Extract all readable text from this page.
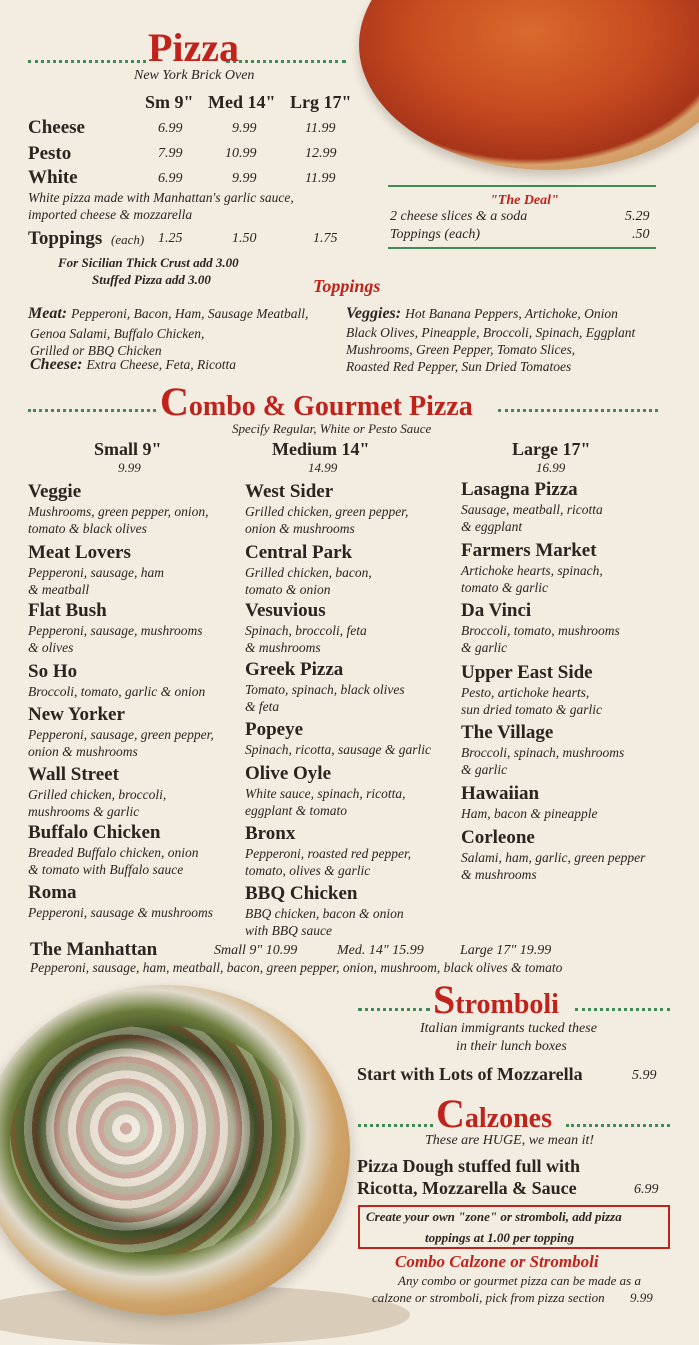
Pizza
New York Brick Oven
Sm 9" Med 14" Lrg 17"
Cheese	6.99	9.99	11.99
Pesto	7.99	10.99	12.99
White	6.99	9.99	11.99
White pizza made with Manhattan's garlic sauce,
imported cheese & mozzarella
Toppings (each) 1.25	1.50	1.75
For Sicilian Thick Crust add 3.00
Stuffed Pizza add 3.00
"The Deal"
2 cheese slices & a soda	5.29
Toppings (each)	.50
Toppings
Meat: Pepperoni, Bacon, Ham, Sausage Meatball,
Genoa Salami, Buffalo Chicken,
Grilled or BBQ Chicken
Cheese: Extra Cheese, Feta, Ricotta
Veggies: Hot Banana Peppers, Artichoke, Onion
Black Olives, Pineapple, Broccoli, Spinach, Eggplant
Mushrooms, Green Pepper, Tomato Slices,
Roasted Red Pepper, Sun Dried Tomatoes
Combo & Gourmet Pizza
Specify Regular, White or Pesto Sauce
Small 9"
9.99
Medium 14"
14.99
Large 17"
16.99
Veggie
Mushrooms, green pepper, onion,
tomato & black olives
Meat Lovers
Pepperoni, sausage, ham
& meatball
Flat Bush
Pepperoni, sausage, mushrooms
& olives
So Ho
Broccoli, tomato, garlic & onion
New Yorker
Pepperoni, sausage, green pepper,
onion & mushrooms
Wall Street
Grilled chicken, broccoli,
mushrooms & garlic
Buffalo Chicken
Breaded Buffalo chicken, onion
& tomato with Buffalo sauce
Roma
Pepperoni, sausage & mushrooms
West Sider
Grilled chicken, green pepper,
onion & mushrooms
Central Park
Grilled chicken, bacon,
tomato & onion
Vesuvious
Spinach, broccoli, feta
& mushrooms
Greek Pizza
Tomato, spinach, black olives
& feta
Popeye
Spinach, ricotta, sausage & garlic
Olive Oyle
White sauce, spinach, ricotta,
eggplant & tomato
Bronx
Pepperoni, roasted red pepper,
tomato, olives & garlic
BBQ Chicken
BBQ chicken, bacon & onion
with BBQ sauce
Lasagna Pizza
Sausage, meatball, ricotta
& eggplant
Farmers Market
Artichoke hearts, spinach,
tomato & garlic
Da Vinci
Broccoli, tomato, mushrooms
& garlic
Upper East Side
Pesto, artichoke hearts,
sun dried tomato & garlic
The Village
Broccoli, spinach, mushrooms
& garlic
Hawaiian
Ham, bacon & pineapple
Corleone
Salami, ham, garlic, green pepper
& mushrooms
The Manhattan	Small 9" 10.99	Med. 14" 15.99	Large 17" 19.99
Pepperoni, sausage, ham, meatball, bacon, green pepper, onion, mushroom, black olives & tomato
Stromboli
Italian immigrants tucked these
in their lunch boxes
Start with Lots of Mozzarella	5.99
Calzones
These are HUGE, we mean it!
Pizza Dough stuffed full with
Ricotta, Mozzarella & Sauce	6.99
Create your own "zone" or stromboli, add pizza
toppings at 1.00 per topping
Combo Calzone or Stromboli
Any combo or gourmet pizza can be made as a
calzone or stromboli, pick from pizza section 9.99
